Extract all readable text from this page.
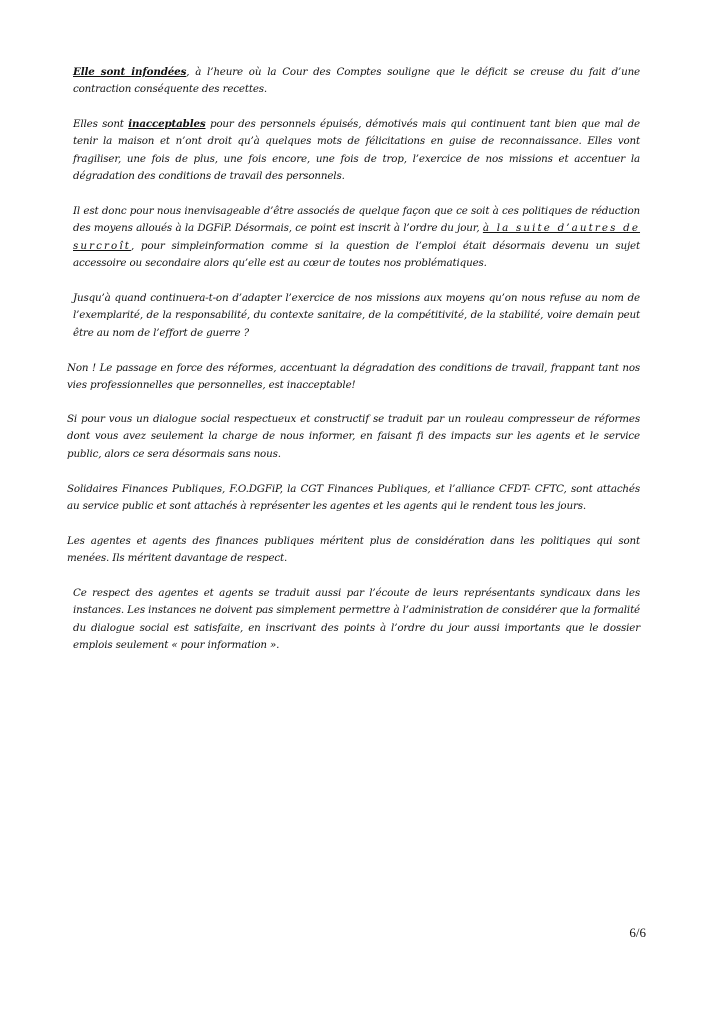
Elle sont infondées, à l’heure où la Cour des Comptes souligne que le déficit se creuse du fait d’une contraction conséquente des recettes.

Elles sont inacceptables pour des personnels épuisés, démotivés mais qui continuent tant bien que mal de tenir la maison et n’ont droit qu’à quelques mots de félicitations en guise de reconnaissance. Elles vont fragiliser, une fois de plus, une fois encore, une fois de trop, l’exercice de nos missions et accentuer la dégradation des conditions de travail des personnels.

Il est donc pour nous inenvisageable d’être associés de quelque façon que ce soit à ces politiques de réduction des moyens alloués à la DGFiP. Désormais, ce point est inscrit à l’ordre du jour, à la suite d’autres de surcroît, pour simpleinformation comme si la question de l’emploi était désormais devenu un sujet accessoire ou secondaire alors qu’elle est au cœur de toutes nos problématiques.

Jusqu’à quand continuera-t-on d’adapter l’exercice de nos missions aux moyens qu’on nous refuse au nom de l’exemplarité, de la responsabilité, du contexte sanitaire, de la compétitivité, de la stabilité, voire demain peut être au nom de l’effort de guerre ?

Non ! Le passage en force des réformes, accentuant la dégradation des conditions de travail, frappant tant nos vies professionnelles que personnelles, est inacceptable!

Si pour vous un dialogue social respectueux et constructif se traduit par un rouleau compresseur de réformes dont vous avez seulement la charge de nous informer, en faisant fi des impacts sur les agents et le service public, alors ce sera désormais sans nous.

Solidaires Finances Publiques, F.O.DGFiP, la CGT Finances Publiques, et l’alliance CFDT- CFTC, sont attachés au service public et sont attachés à représenter les agentes et les agents qui le rendent tous les jours.

Les agentes et agents des finances publiques méritent plus de considération dans les politiques qui sont menées. Ils méritent davantage de respect.

Ce respect des agentes et agents se traduit aussi par l’écoute de leurs représentants syndicaux dans les instances. Les instances ne doivent pas simplement permettre à l’administration de considérer que la formalité du dialogue social est satisfaite, en inscrivant des points à l’ordre du jour aussi importants que le dossier emplois seulement « pour information ».

6/6
